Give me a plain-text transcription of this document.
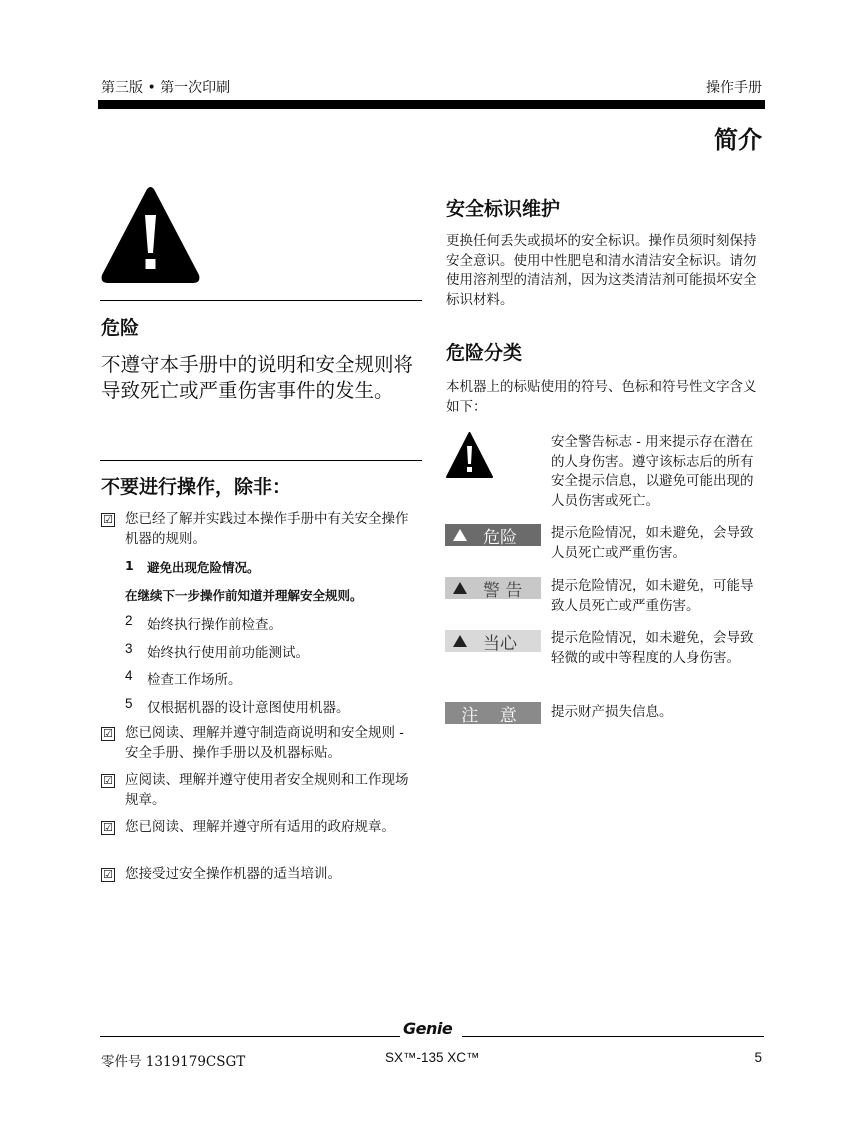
第三版 • 第一次印刷	操作手册
简介
危险
不遵守本手册中的说明和安全规则将导致死亡或严重伤害事件的发生。
不要进行操作，除非：
☑ 您已经了解并实践过本操作手册中有关安全操作机器的规则。
1 避免出现危险情况。
在继续下一步操作前知道并理解安全规则。
2 始终执行操作前检查。
3 始终执行使用前功能测试。
4 检查工作场所。
5 仅根据机器的设计意图使用机器。
☑ 您已阅读、理解并遵守制造商说明和安全规则 - 安全手册、操作手册以及机器标贴。
☑ 应阅读、理解并遵守使用者安全规则和工作现场规章。
☑ 您已阅读、理解并遵守所有适用的政府规章。
☑ 您接受过安全操作机器的适当培训。
安全标识维护
更换任何丢失或损坏的安全标识。操作员须时刻保持安全意识。使用中性肥皂和清水清洁安全标识。请勿使用溶剂型的清洁剂，因为这类清洁剂可能损坏安全标识材料。
危险分类
本机器上的标贴使用的符号、色标和符号性文字含义如下：
安全警告标志 - 用来提示存在潜在的人身伤害。遵守该标志后的所有安全提示信息，以避免可能出现的人员伤害或死亡。
危险	提示危险情况，如未避免，会导致人员死亡或严重伤害。
警 告 提示危险情况，如未避免，可能导致人员死亡或严重伤害。
当心	提示危险情况，如未避免，会导致轻微的或中等程度的人身伤害。
注 意 提示财产损失信息。
Genie
零件号 1319179CSGT	SX™-135 XC™	5
